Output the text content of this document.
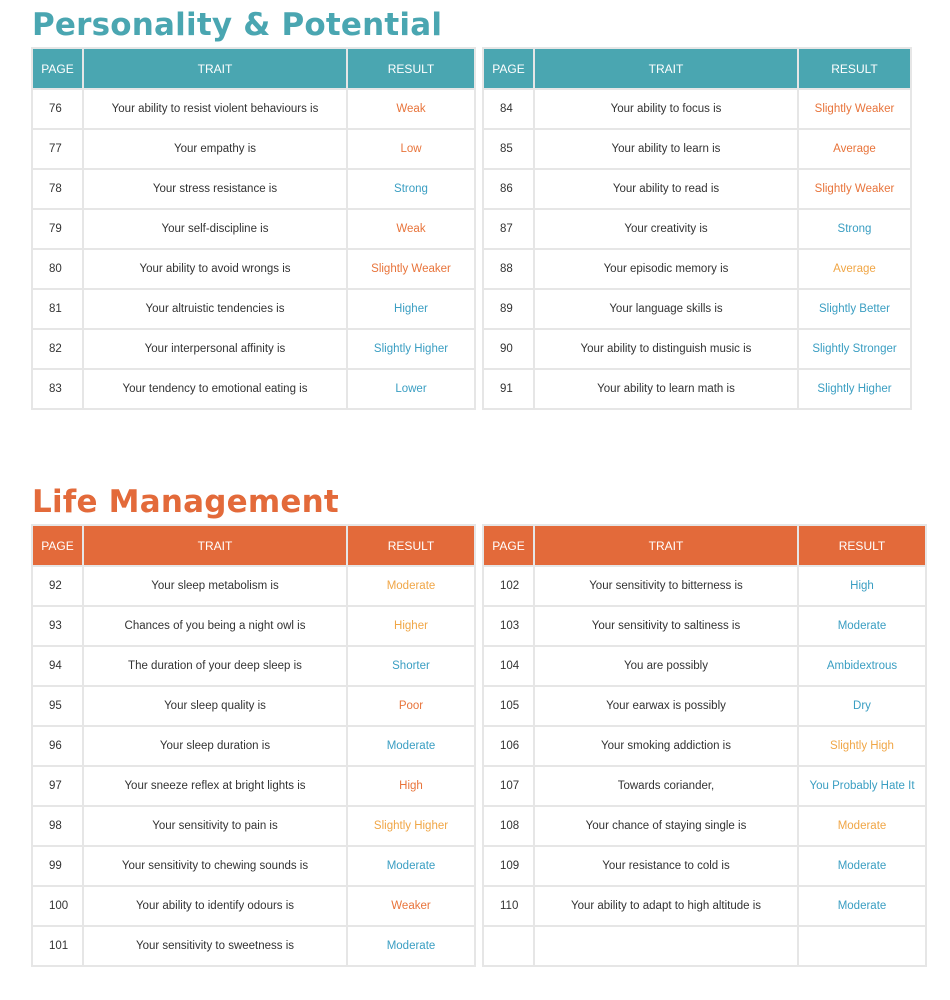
Personality & Potential
PAGE	TRAIT	RESULT
76	Your ability to resist violent behaviours is	Weak
77	Your empathy is	Low
78	Your stress resistance is	Strong
79	Your self-discipline is	Weak
80	Your ability to avoid wrongs is	Slightly Weaker
81	Your altruistic tendencies is	Higher
82	Your interpersonal affinity is	Slightly Higher
83	Your tendency to emotional eating is	Lower
PAGE	TRAIT	RESULT
84	Your ability to focus is	Slightly Weaker
85	Your ability to learn is	Average
86	Your ability to read is	Slightly Weaker
87	Your creativity is	Strong
88	Your episodic memory is	Average
89	Your language skills is	Slightly Better
90	Your ability to distinguish music is	Slightly Stronger
91	Your ability to learn math is	Slightly Higher
Life Management
PAGE	TRAIT	RESULT
92	Your sleep metabolism is	Moderate
93	Chances of you being a night owl is	Higher
94	The duration of your deep sleep is	Shorter
95	Your sleep quality is	Poor
96	Your sleep duration is	Moderate
97	Your sneeze reflex at bright lights is	High
98	Your sensitivity to pain is	Slightly Higher
99	Your sensitivity to chewing sounds is	Moderate
100	Your ability to identify odours is	Weaker
101	Your sensitivity to sweetness is	Moderate
PAGE	TRAIT	RESULT
102	Your sensitivity to bitterness is	High
103	Your sensitivity to saltiness is	Moderate
104	You are possibly	Ambidextrous
105	Your earwax is possibly	Dry
106	Your smoking addiction is	Slightly High
107	Towards coriander,	You Probably Hate It
108	Your chance of staying single is	Moderate
109	Your resistance to cold is	Moderate
110	Your ability to adapt to high altitude is	Moderate
